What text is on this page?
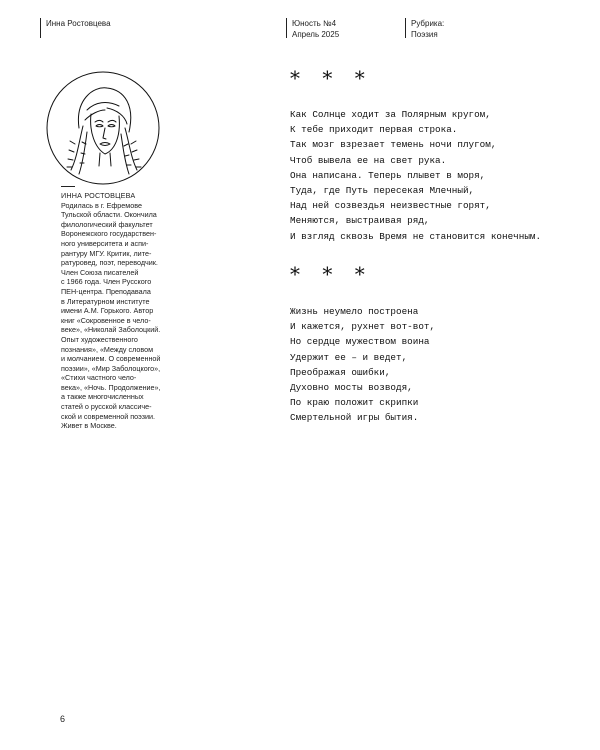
Инна Ростовцева	Юность №4
Апрель 2025
Рубрика:
Поэзия
ИННА РОСТОВЦЕВА
Родилась в г. Ефремове
Тульской области. Окончила
филологический факультет
Воронежского государствен-
ного университета и аспи-
рантуру МГУ. Критик, литe-
ратуровед, поэт, переводчик.
Член Союза писателей
с 1966 года. Член Русского
ПЕН-центра. Преподавала
в Литературном институте
имени А.М. Горького. Автор
книг «Сокровенное в чело-
веке», «Николай Заболоцкий.
Опыт художественного
познания», «Между словом
и молчанием. О современной
поэзии», «Мир Заболоцкого»,
«Стихи частного чело-
века», «Ночь. Продолжение»,
а также многочисленных
статей о русской классиче-
ской и современной поэзии.
Живет в Москве.
* * *
Как Солнце ходит за Полярным кругом,
К тебе приходит первая строка.
Так мозг взрезает темень ночи плугом,
Чтоб вывела ее на свет рука.
Она написана. Теперь плывет в моря,
Туда, где Путь пересекая Млечный,
Над ней созвездья неизвестные горят,
Меняются, выстраивая ряд,
И взгляд сквозь Время не становится конечным.
* * *
Жизнь неумело построена
И кажется, рухнет вот-вот,
Но сердце мужеством воина
Удержит ее – и ведет,
Преображая ошибки,
Духовно мосты возводя,
По краю положит скрипки
Смертельной игры бытия.
6
